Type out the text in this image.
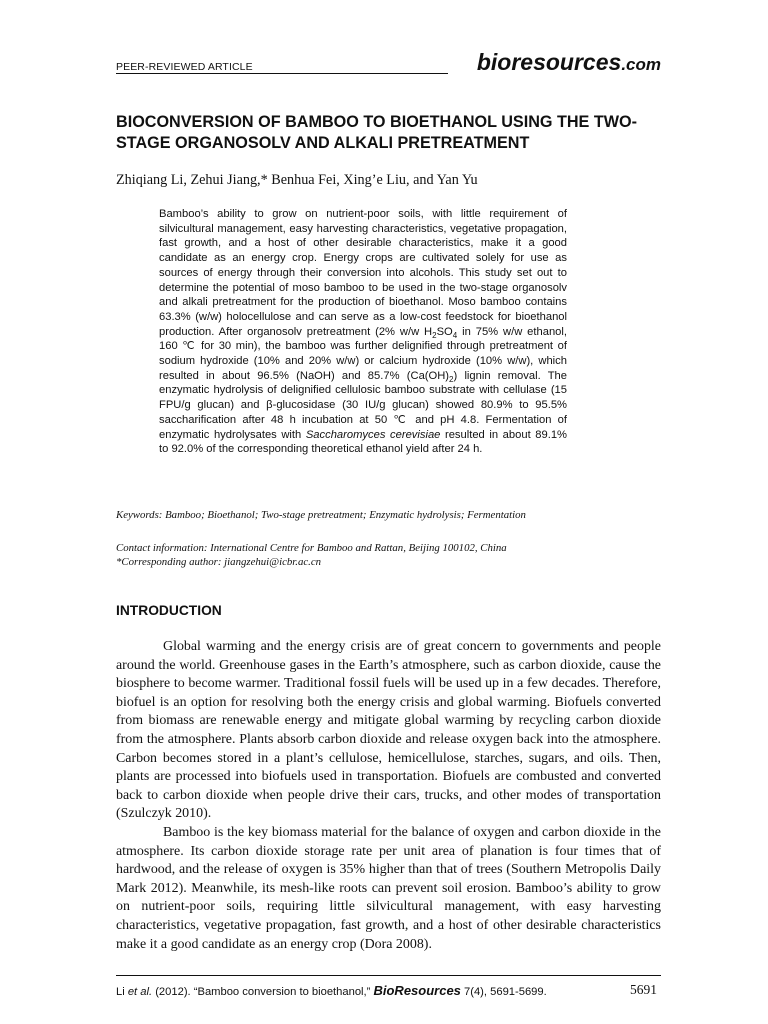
PEER-REVIEWED ARTICLE	bioresources.com
BIOCONVERSION OF BAMBOO TO BIOETHANOL USING THE TWO-STAGE ORGANOSOLV AND ALKALI PRETREATMENT
Zhiqiang Li, Zehui Jiang,* Benhua Fei, Xing’e Liu, and Yan Yu

Bamboo’s ability to grow on nutrient-poor soils, with little requirement of silvicultural management, easy harvesting characteristics, vegetative propagation, fast growth, and a host of other desirable characteristics, make it a good candidate as an energy crop. Energy crops are cultivated solely for use as sources of energy through their conversion into alcohols. This study set out to determine the potential of moso bamboo to be used in the two-stage organosolv and alkali pretreatment for the production of bioethanol. Moso bamboo contains 63.3% (w/w) holocellulose and can serve as a low-cost feedstock for bioethanol production. After organosolv pretreatment (2% w/w $H_2SO_4$ in 75% w/w ethanol, 160 ℃ for 30 min), the bamboo was further delignified through pretreatment of sodium hydroxide (10% and 20% w/w) or calcium hydroxide (10% w/w), which resulted in about 96.5% (NaOH) and 85.7% $(Ca(OH)_2)$ lignin removal. The enzymatic hydrolysis of delignified cellulosic bamboo substrate with cellulase (15 FPU/g glucan) and β-glucosidase (30 IU/g glucan) showed 80.9% to 95.5% saccharification after 48 h incubation at 50 ℃ and pH 4.8. Fermentation of enzymatic hydrolysates with Saccharomyces cerevisiae resulted in about 89.1% to 92.0% of the corresponding theoretical ethanol yield after 24 h.

Keywords: Bamboo; Bioethanol; Two-stage pretreatment; Enzymatic hydrolysis; Fermentation
Contact information: International Centre for Bamboo and Rattan, Beijing 100102, China
*Corresponding author: jiangzehui@icbr.ac.cn
INTRODUCTION

Global warming and the energy crisis are of great concern to governments and people around the world. Greenhouse gases in the Earth’s atmosphere, such as carbon dioxide, cause the biosphere to become warmer. Traditional fossil fuels will be used up in a few decades. Therefore, biofuel is an option for resolving both the energy crisis and global warming. Biofuels converted from biomass are renewable energy and mitigate global warming by recycling carbon dioxide from the atmosphere. Plants absorb carbon dioxide and release oxygen back into the atmosphere. Carbon becomes stored in a plant’s cellulose, hemicellulose, starches, sugars, and oils. Then, plants are processed into biofuels used in transportation. Biofuels are combusted and converted back to carbon dioxide when people drive their cars, trucks, and other modes of transportation (Szulczyk 2010).

Bamboo is the key biomass material for the balance of oxygen and carbon dioxide in the atmosphere. Its carbon dioxide storage rate per unit area of planation is four times that of hardwood, and the release of oxygen is 35% higher than that of trees (Southern Metropolis Daily Mark 2012). Meanwhile, its mesh-like roots can prevent soil erosion. Bamboo’s ability to grow on nutrient-poor soils, requiring little silvicultural management, with easy harvesting characteristics, vegetative propagation, fast growth, and a host of other desirable characteristics make it a good candidate as an energy crop (Dora 2008).

Li et al. (2012). “Bamboo conversion to bioethanol,” BioResources 7(4), 5691-5699.	5691
